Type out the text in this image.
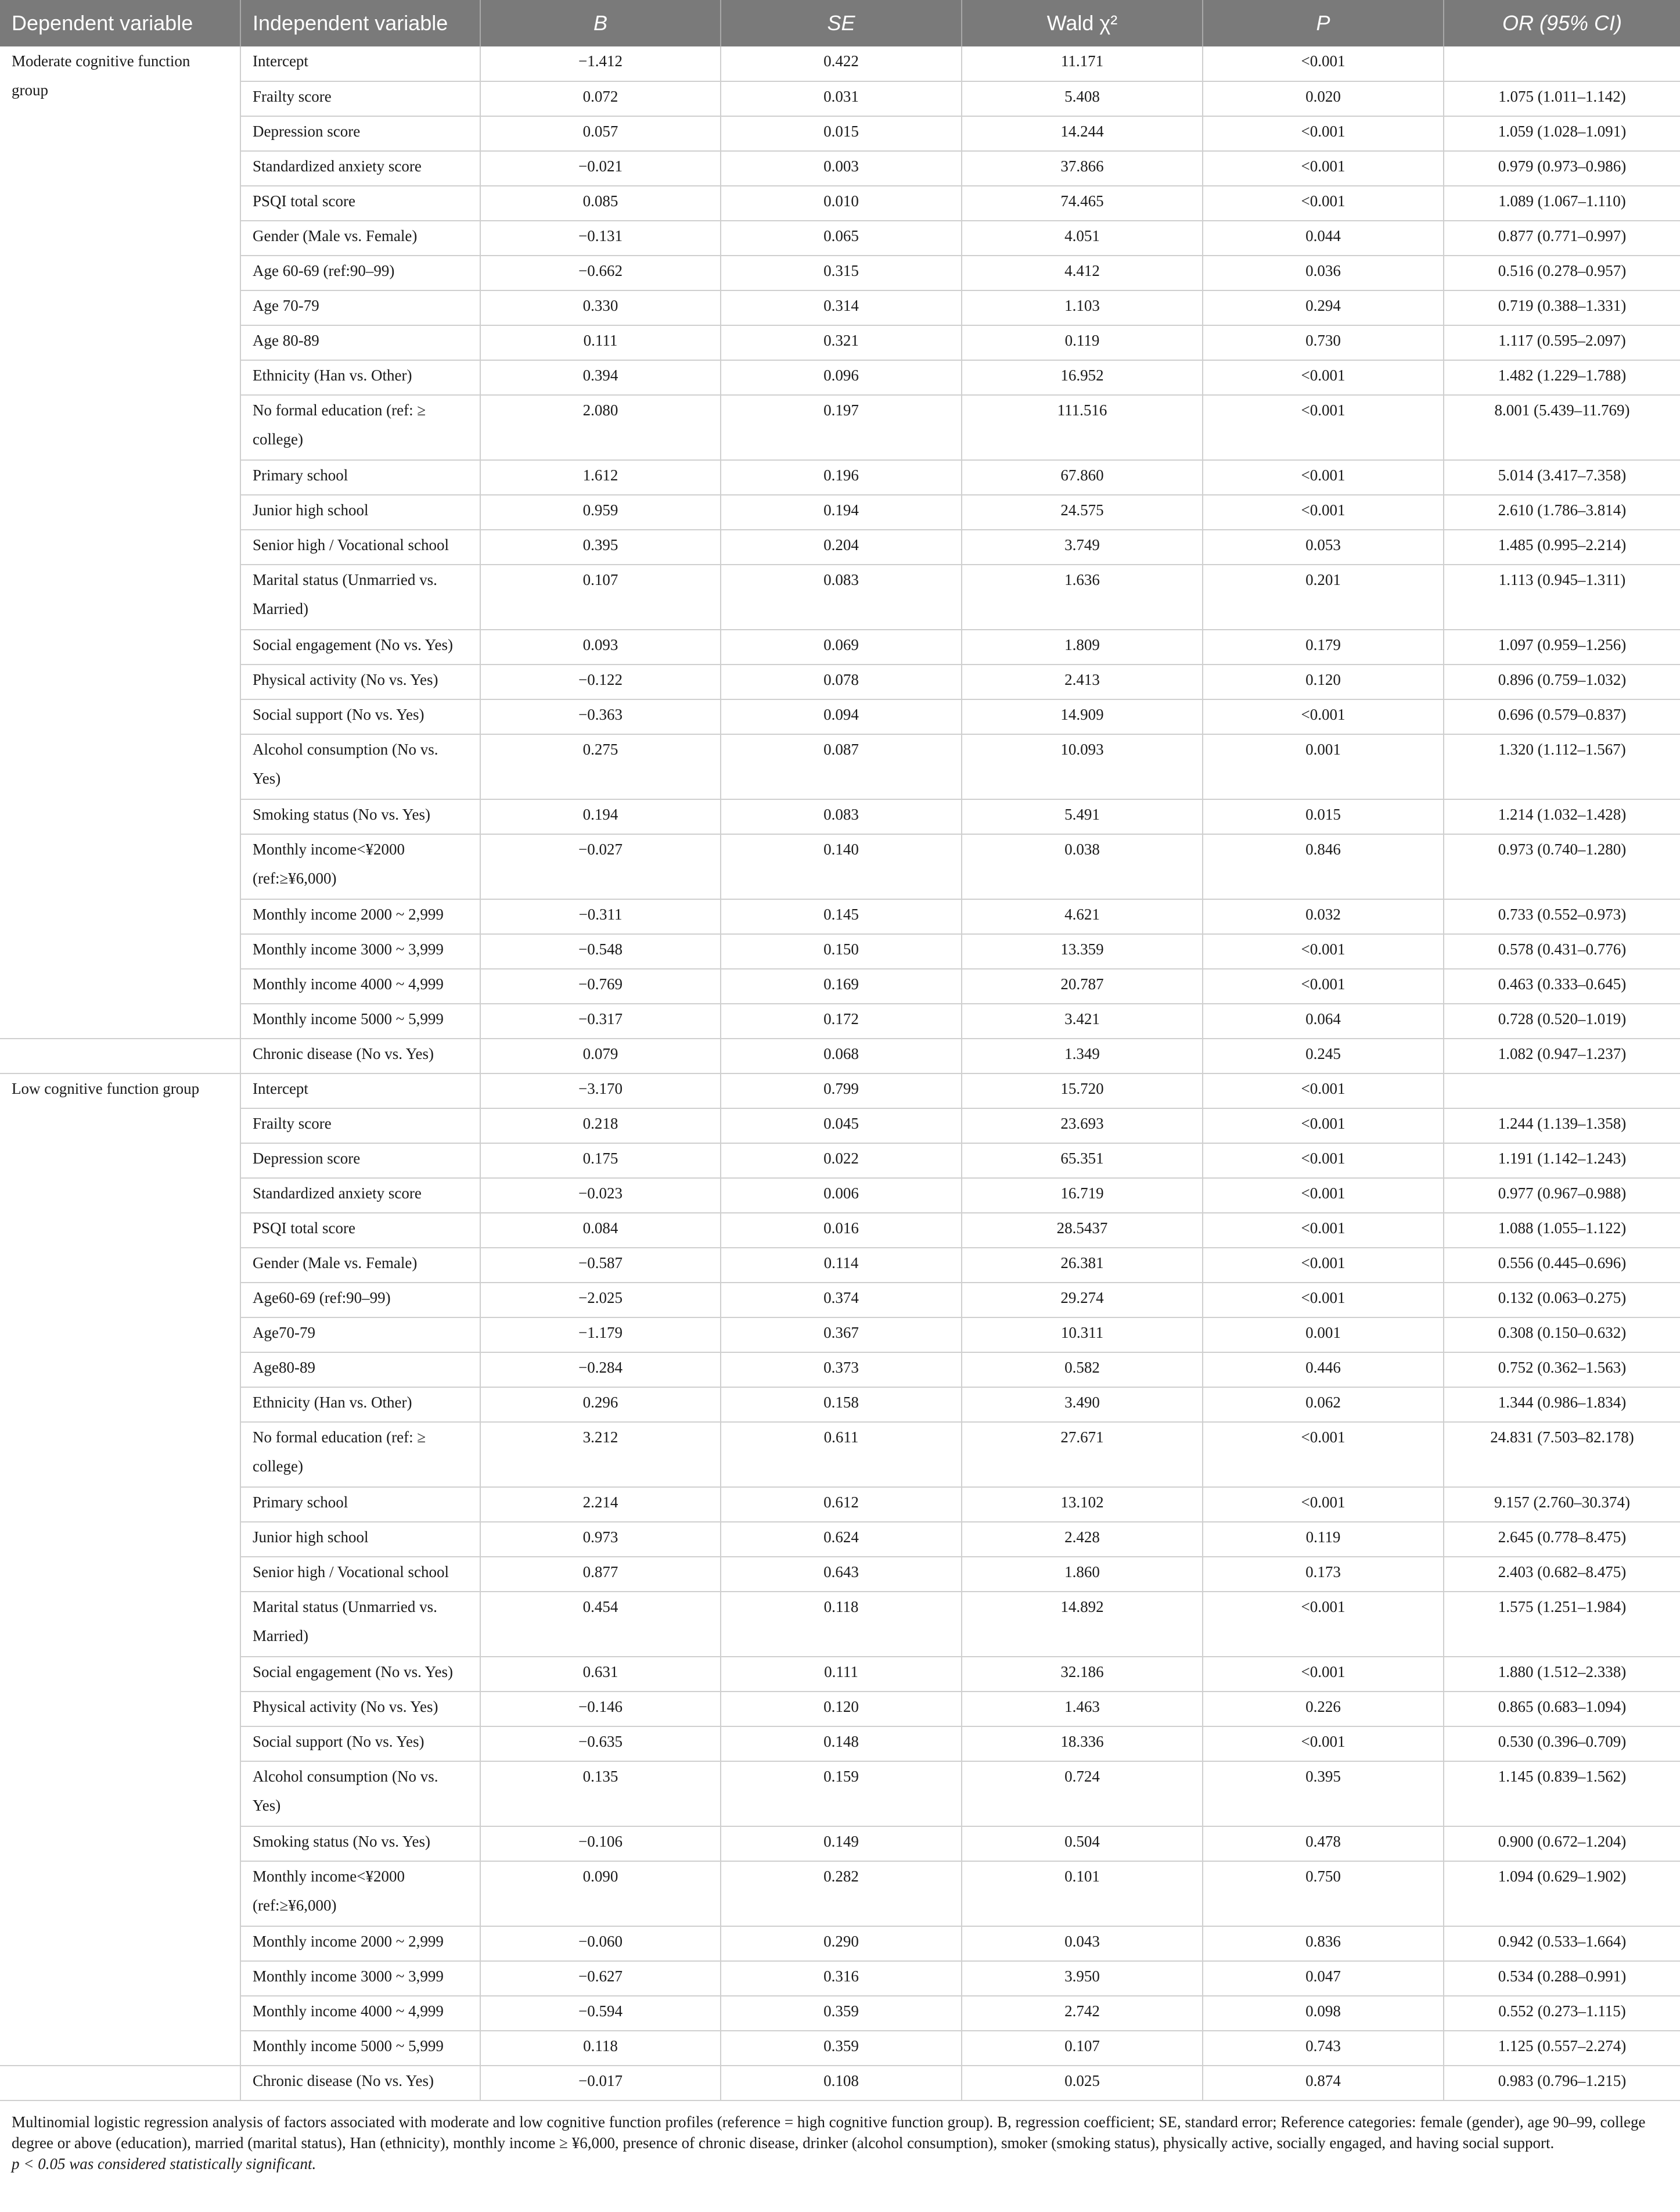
Dependent variable	Independent variable	B	SE	Wald χ²	P	OR (95% CI)
Moderate cognitive function group	Intercept	−1.412	0.422	11.171	<0.001	
	Frailty score	0.072	0.031	5.408	0.020	1.075 (1.011–1.142)
	Depression score	0.057	0.015	14.244	<0.001	1.059 (1.028–1.091)
	Standardized anxiety score	−0.021	0.003	37.866	<0.001	0.979 (0.973–0.986)
	PSQI total score	0.085	0.010	74.465	<0.001	1.089 (1.067–1.110)
	Gender (Male vs. Female)	−0.131	0.065	4.051	0.044	0.877 (0.771–0.997)
	Age 60-69 (ref:90–99)	−0.662	0.315	4.412	0.036	0.516 (0.278–0.957)
	Age 70-79	0.330	0.314	1.103	0.294	0.719 (0.388–1.331)
	Age 80-89	0.111	0.321	0.119	0.730	1.117 (0.595–2.097)
	Ethnicity (Han vs. Other)	0.394	0.096	16.952	<0.001	1.482 (1.229–1.788)
	No formal education (ref: ≥ college)	2.080	0.197	111.516	<0.001	8.001 (5.439–11.769)
	Primary school	1.612	0.196	67.860	<0.001	5.014 (3.417–7.358)
	Junior high school	0.959	0.194	24.575	<0.001	2.610 (1.786–3.814)
	Senior high / Vocational school	0.395	0.204	3.749	0.053	1.485 (0.995–2.214)
	Marital status (Unmarried vs. Married)	0.107	0.083	1.636	0.201	1.113 (0.945–1.311)
	Social engagement (No vs. Yes)	0.093	0.069	1.809	0.179	1.097 (0.959–1.256)
	Physical activity (No vs. Yes)	−0.122	0.078	2.413	0.120	0.896 (0.759–1.032)
	Social support (No vs. Yes)	−0.363	0.094	14.909	<0.001	0.696 (0.579–0.837)
	Alcohol consumption (No vs. Yes)	0.275	0.087	10.093	0.001	1.320 (1.112–1.567)
	Smoking status (No vs. Yes)	0.194	0.083	5.491	0.015	1.214 (1.032–1.428)
	Monthly income<¥2000 (ref:≥¥6,000)	−0.027	0.140	0.038	0.846	0.973 (0.740–1.280)
	Monthly income 2000 ~ 2,999	−0.311	0.145	4.621	0.032	0.733 (0.552–0.973)
	Monthly income 3000 ~ 3,999	−0.548	0.150	13.359	<0.001	0.578 (0.431–0.776)
	Monthly income 4000 ~ 4,999	−0.769	0.169	20.787	<0.001	0.463 (0.333–0.645)
	Monthly income 5000 ~ 5,999	−0.317	0.172	3.421	0.064	0.728 (0.520–1.019)
	Chronic disease (No vs. Yes)	0.079	0.068	1.349	0.245	1.082 (0.947–1.237)
Low cognitive function group	Intercept	−3.170	0.799	15.720	<0.001	
	Frailty score	0.218	0.045	23.693	<0.001	1.244 (1.139–1.358)
	Depression score	0.175	0.022	65.351	<0.001	1.191 (1.142–1.243)
	Standardized anxiety score	−0.023	0.006	16.719	<0.001	0.977 (0.967–0.988)
	PSQI total score	0.084	0.016	28.5437	<0.001	1.088 (1.055–1.122)
	Gender (Male vs. Female)	−0.587	0.114	26.381	<0.001	0.556 (0.445–0.696)
	Age60-69 (ref:90–99)	−2.025	0.374	29.274	<0.001	0.132 (0.063–0.275)
	Age70-79	−1.179	0.367	10.311	0.001	0.308 (0.150–0.632)
	Age80-89	−0.284	0.373	0.582	0.446	0.752 (0.362–1.563)
	Ethnicity (Han vs. Other)	0.296	0.158	3.490	0.062	1.344 (0.986–1.834)
	No formal education (ref: ≥ college)	3.212	0.611	27.671	<0.001	24.831 (7.503–82.178)
	Primary school	2.214	0.612	13.102	<0.001	9.157 (2.760–30.374)
	Junior high school	0.973	0.624	2.428	0.119	2.645 (0.778–8.475)
	Senior high / Vocational school	0.877	0.643	1.860	0.173	2.403 (0.682–8.475)
	Marital status (Unmarried vs. Married)	0.454	0.118	14.892	<0.001	1.575 (1.251–1.984)
	Social engagement (No vs. Yes)	0.631	0.111	32.186	<0.001	1.880 (1.512–2.338)
	Physical activity (No vs. Yes)	−0.146	0.120	1.463	0.226	0.865 (0.683–1.094)
	Social support (No vs. Yes)	−0.635	0.148	18.336	<0.001	0.530 (0.396–0.709)
	Alcohol consumption (No vs. Yes)	0.135	0.159	0.724	0.395	1.145 (0.839–1.562)
	Smoking status (No vs. Yes)	−0.106	0.149	0.504	0.478	0.900 (0.672–1.204)
	Monthly income<¥2000 (ref:≥¥6,000)	0.090	0.282	0.101	0.750	1.094 (0.629–1.902)
	Monthly income 2000 ~ 2,999	−0.060	0.290	0.043	0.836	0.942 (0.533–1.664)
	Monthly income 3000 ~ 3,999	−0.627	0.316	3.950	0.047	0.534 (0.288–0.991)
	Monthly income 4000 ~ 4,999	−0.594	0.359	2.742	0.098	0.552 (0.273–1.115)
	Monthly income 5000 ~ 5,999	0.118	0.359	0.107	0.743	1.125 (0.557–2.274)
	Chronic disease (No vs. Yes)	−0.017	0.108	0.025	0.874	0.983 (0.796–1.215)

Multinomial logistic regression analysis of factors associated with moderate and low cognitive function profiles (reference = high cognitive function group). B, regression coefficient; SE, standard error; Reference categories: female (gender), age 90–99, college degree or above (education), married (marital status), Han (ethnicity), monthly income ≥ ¥6,000, presence of chronic disease, drinker (alcohol consumption), smoker (smoking status), physically active, socially engaged, and having social support.

p < 0.05 was considered statistically significant.
